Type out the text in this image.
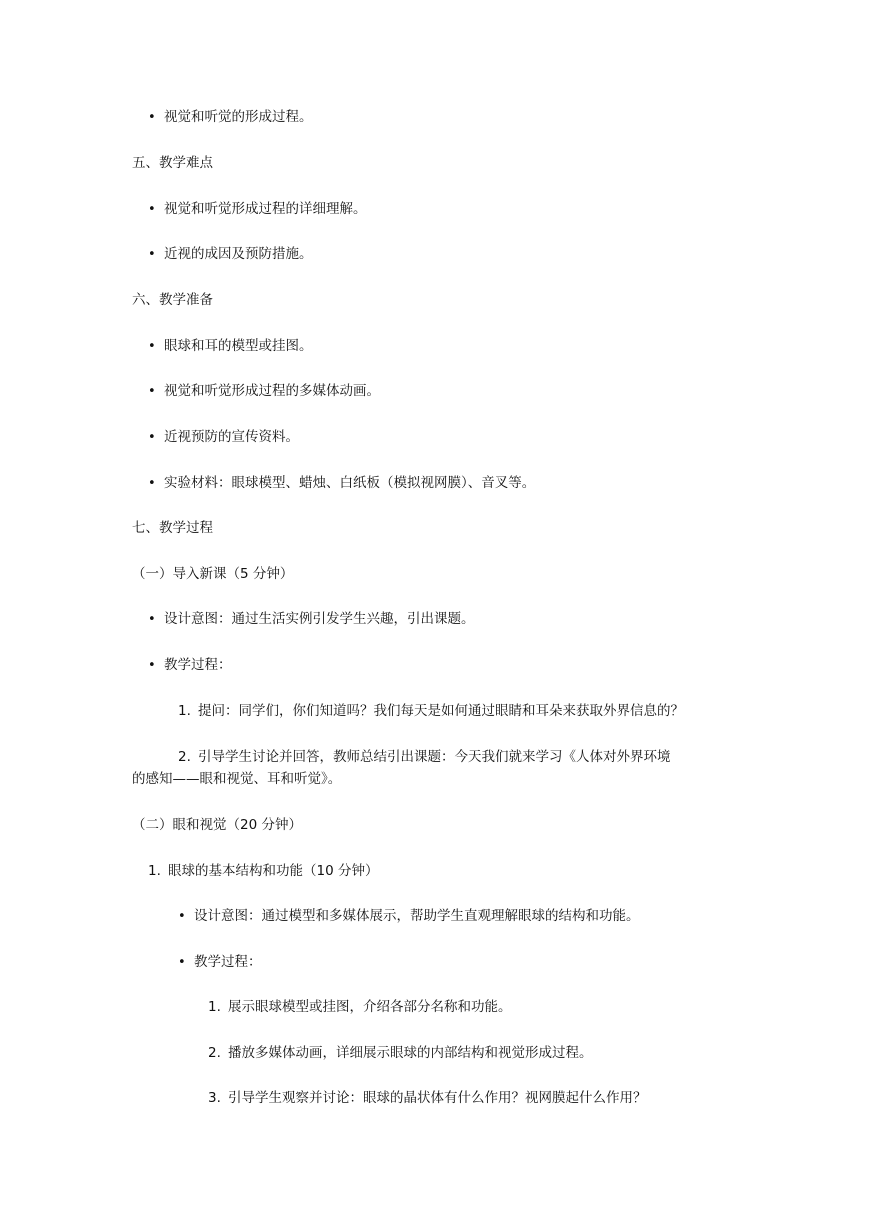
• 视觉和听觉的形成过程。
五、教学难点
• 视觉和听觉形成过程的详细理解。
• 近视的成因及预防措施。
六、教学准备
• 眼球和耳的模型或挂图。
• 视觉和听觉形成过程的多媒体动画。
• 近视预防的宣传资料。
• 实验材料：眼球模型、蜡烛、白纸板（模拟视网膜）、音叉等。
七、教学过程
（一）导入新课（5 分钟）
• 设计意图：通过生活实例引发学生兴趣，引出课题。
• 教学过程：
1. 提问：同学们，你们知道吗？我们每天是如何通过眼睛和耳朵来获取外界信息的？
2. 引导学生讨论并回答，教师总结引出课题：今天我们就来学习《人体对外界环境
的感知——眼和视觉、耳和听觉》。
（二）眼和视觉（20 分钟）
1. 眼球的基本结构和功能（10 分钟）
• 设计意图：通过模型和多媒体展示，帮助学生直观理解眼球的结构和功能。
• 教学过程：
1. 展示眼球模型或挂图，介绍各部分名称和功能。
2. 播放多媒体动画，详细展示眼球的内部结构和视觉形成过程。
3. 引导学生观察并讨论：眼球的晶状体有什么作用？视网膜起什么作用？
